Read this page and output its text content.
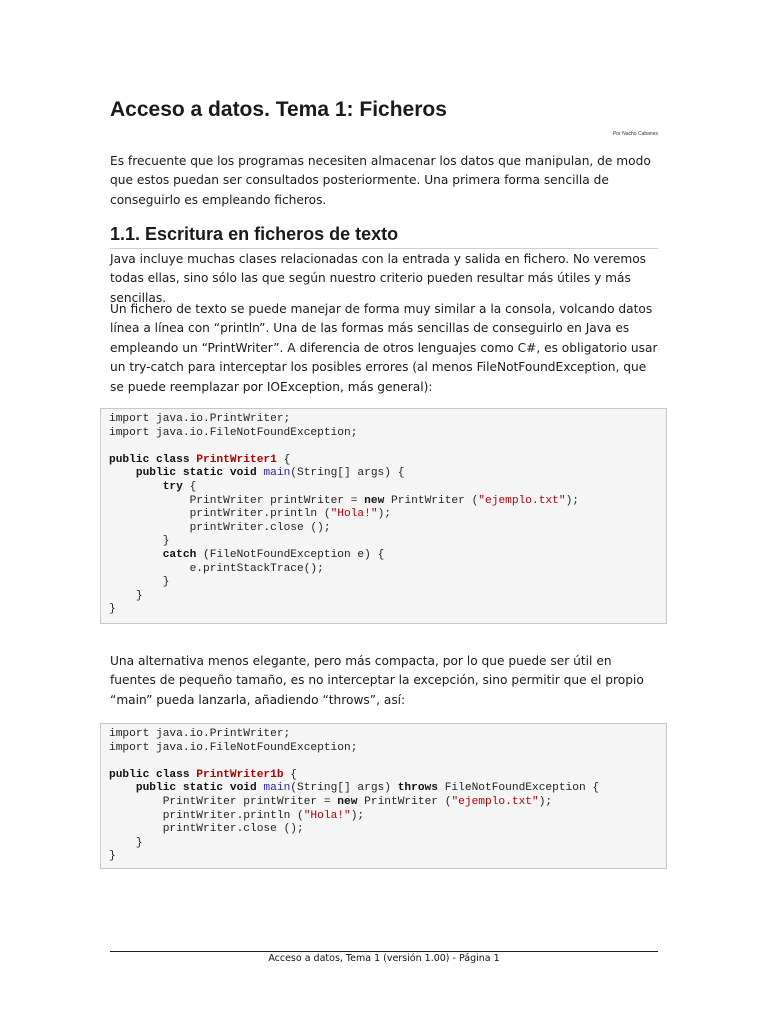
Acceso a datos. Tema 1: Ficheros
Por Nacho Cabanes

Es frecuente que los programas necesiten almacenar los datos que manipulan, de modo que estos puedan ser consultados posteriormente. Una primera forma sencilla de conseguirlo es empleando ficheros.

1.1. Escritura en ficheros de texto

Java incluye muchas clases relacionadas con la entrada y salida en fichero. No veremos todas ellas, sino sólo las que según nuestro criterio pueden resultar más útiles y más sencillas.

Un fichero de texto se puede manejar de forma muy similar a la consola, volcando datos línea a línea con “println”. Una de las formas más sencillas de conseguirlo en Java es empleando un “PrintWriter”. A diferencia de otros lenguajes como C#, es obligatorio usar un try-catch para interceptar los posibles errores (al menos FileNotFoundException, que se puede reemplazar por IOException, más general):

import java.io.PrintWriter;
import java.io.FileNotFoundException;

public class PrintWriter1 {
public static void main(String[] args) {
try {
PrintWriter printWriter = new PrintWriter ("ejemplo.txt");
printWriter.println ("Hola!");
printWriter.close ();
}
catch (FileNotFoundException e) {
e.printStackTrace();
}
}
}

Una alternativa menos elegante, pero más compacta, por lo que puede ser útil en fuentes de pequeño tamaño, es no interceptar la excepción, sino permitir que el propio “main” pueda lanzarla, añadiendo “throws”, así:

import java.io.PrintWriter;
import java.io.FileNotFoundException;

public class PrintWriter1b {
public static void main(String[] args) throws FileNotFoundException {
PrintWriter printWriter = new PrintWriter ("ejemplo.txt");
printWriter.println ("Hola!");
printWriter.close ();
}
}
Acceso a datos, Tema 1 (versión 1.00) - Página 1
